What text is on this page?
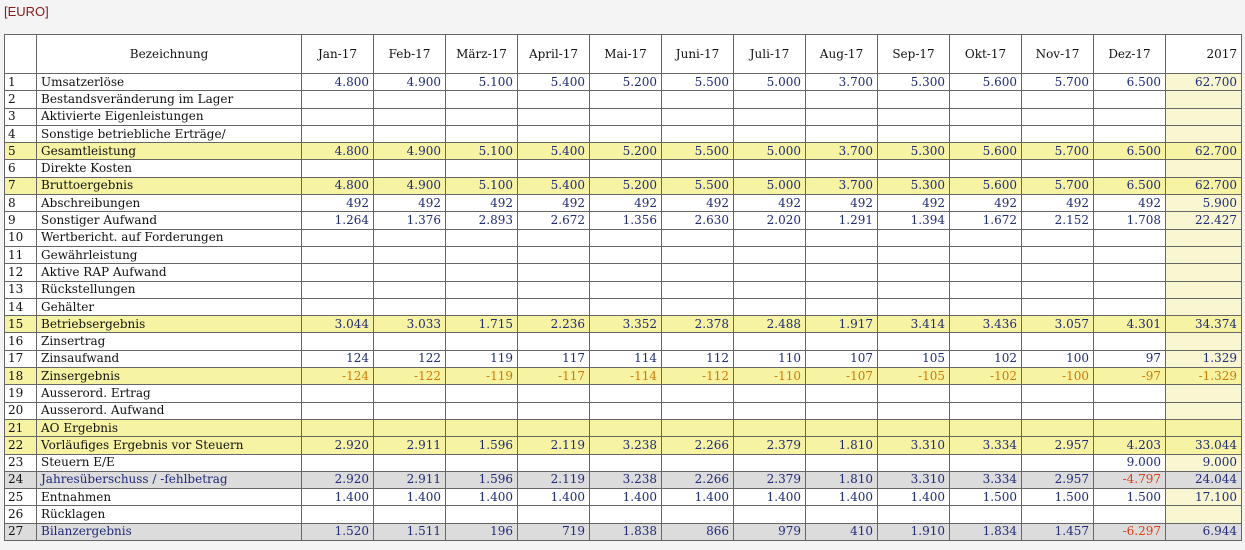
[EURO]
	Bezeichnung	Jan-17	Feb-17	März-17	April-17	Mai-17	Juni-17	Juli-17	Aug-17	Sep-17	Okt-17	Nov-17	Dez-17	2017
1	Umsatzerlöse	4.800	4.900	5.100	5.400	5.200	5.500	5.000	3.700	5.300	5.600	5.700	6.500	62.700
2	Bestandsveränderung im Lager													
3	Aktivierte Eigenleistungen													
4	Sonstige betriebliche Erträge/													
5	Gesamtleistung	4.800	4.900	5.100	5.400	5.200	5.500	5.000	3.700	5.300	5.600	5.700	6.500	62.700
6	Direkte Kosten													
7	Bruttoergebnis	4.800	4.900	5.100	5.400	5.200	5.500	5.000	3.700	5.300	5.600	5.700	6.500	62.700
8	Abschreibungen	492	492	492	492	492	492	492	492	492	492	492	492	5.900
9	Sonstiger Aufwand	1.264	1.376	2.893	2.672	1.356	2.630	2.020	1.291	1.394	1.672	2.152	1.708	22.427
10	Wertbericht. auf Forderungen													
11	Gewährleistung													
12	Aktive RAP Aufwand													
13	Rückstellungen													
14	Gehälter													
15	Betriebsergebnis	3.044	3.033	1.715	2.236	3.352	2.378	2.488	1.917	3.414	3.436	3.057	4.301	34.374
16	Zinsertrag													
17	Zinsaufwand	124	122	119	117	114	112	110	107	105	102	100	97	1.329
18	Zinsergebnis	-124	-122	-119	-117	-114	-112	-110	-107	-105	-102	-100	-97	-1.329
19	Ausserord. Ertrag													
20	Ausserord. Aufwand													
21	AO Ergebnis													
22	Vorläufiges Ergebnis vor Steuern	2.920	2.911	1.596	2.119	3.238	2.266	2.379	1.810	3.310	3.334	2.957	4.203	33.044
23	Steuern E/E												9.000	9.000
24	Jahresüberschuss / -fehlbetrag	2.920	2.911	1.596	2.119	3.238	2.266	2.379	1.810	3.310	3.334	2.957	-4.797	24.044
25	Entnahmen	1.400	1.400	1.400	1.400	1.400	1.400	1.400	1.400	1.400	1.500	1.500	1.500	17.100
26	Rücklagen													
27	Bilanzergebnis	1.520	1.511	196	719	1.838	866	979	410	1.910	1.834	1.457	-6.297	6.944
